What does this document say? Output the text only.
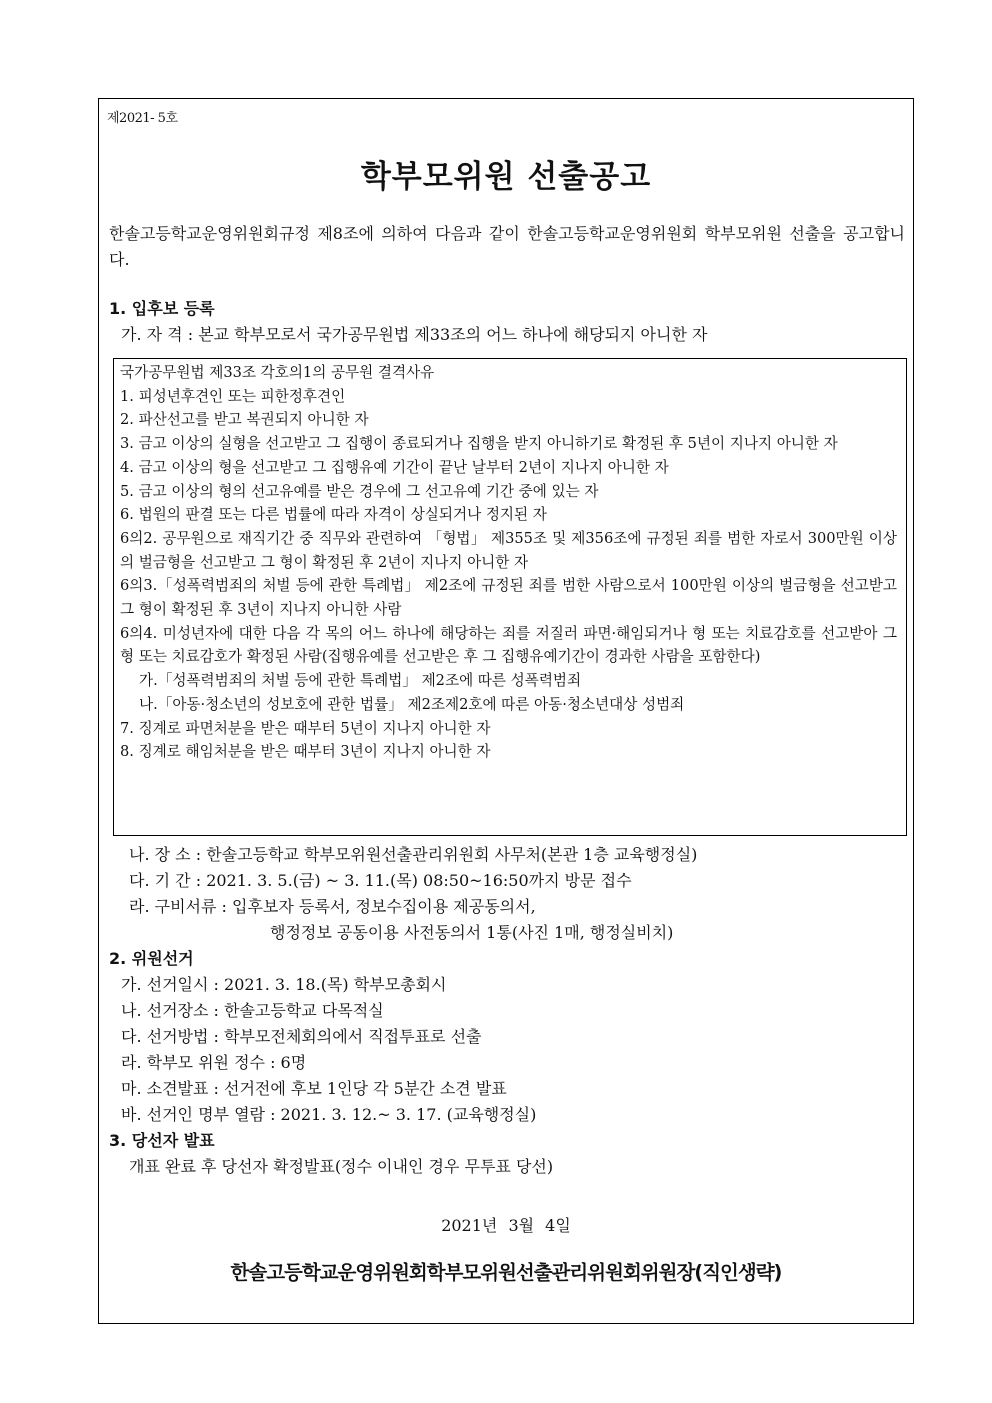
제2021- 5호
학부모위원 선출공고
한솔고등학교운영위원회규정 제8조에 의하여 다음과 같이 한솔고등학교운영위원회 학부모위원 선출을 공고합니다.
1. 입후보 등록
가. 자 격 : 본교 학부모로서 국가공무원법 제33조의 어느 하나에 해당되지 아니한 자
국가공무원법 제33조 각호의1의 공무원 결격사유
1. 피성년후견인 또는 피한정후견인
2. 파산선고를 받고 복권되지 아니한 자
3. 금고 이상의 실형을 선고받고 그 집행이 종료되거나 집행을 받지 아니하기로 확정된 후 5년이 지나지 아니한 자
4. 금고 이상의 형을 선고받고 그 집행유예 기간이 끝난 날부터 2년이 지나지 아니한 자
5. 금고 이상의 형의 선고유예를 받은 경우에 그 선고유예 기간 중에 있는 자
6. 법원의 판결 또는 다른 법률에 따라 자격이 상실되거나 정지된 자
6의2. 공무원으로 재직기간 중 직무와 관련하여 「형법」 제355조 및 제356조에 규정된 죄를 범한 자로서 300만원 이상의 벌금형을 선고받고 그 형이 확정된 후 2년이 지나지 아니한 자
6의3.「성폭력범죄의 처벌 등에 관한 특례법」 제2조에 규정된 죄를 범한 사람으로서 100만원 이상의 벌금형을 선고받고 그 형이 확정된 후 3년이 지나지 아니한 사람
6의4. 미성년자에 대한 다음 각 목의 어느 하나에 해당하는 죄를 저질러 파면·해임되거나 형 또는 치료감호를 선고받아 그 형 또는 치료감호가 확정된 사람(집행유예를 선고받은 후 그 집행유예기간이 경과한 사람을 포함한다)
가.「성폭력범죄의 처벌 등에 관한 특례법」 제2조에 따른 성폭력범죄
나.「아동·청소년의 성보호에 관한 법률」 제2조제2호에 따른 아동·청소년대상 성범죄
7. 징계로 파면처분을 받은 때부터 5년이 지나지 아니한 자
8. 징계로 해임처분을 받은 때부터 3년이 지나지 아니한 자
나. 장 소 : 한솔고등학교 학부모위원선출관리위원회 사무처(본관 1층 교육행정실)
다. 기 간 : 2021. 3. 5.(금) ~ 3. 11.(목) 08:50~16:50까지 방문 접수
라. 구비서류 : 입후보자 등록서, 정보수집이용 제공동의서,
행정정보 공동이용 사전동의서 1통(사진 1매, 행정실비치)
2. 위원선거
가. 선거일시 : 2021. 3. 18.(목) 학부모총회시
나. 선거장소 : 한솔고등학교 다목적실
다. 선거방법 : 학부모전체회의에서 직접투표로 선출
라. 학부모 위원 정수 : 6명
마. 소견발표 : 선거전에 후보 1인당 각 5분간 소견 발표
바. 선거인 명부 열람 : 2021. 3. 12.~ 3. 17. (교육행정실)
3. 당선자 발표
개표 완료 후 당선자 확정발표(정수 이내인 경우 무투표 당선)
2021년 3월 4일
한솔고등학교운영위원회학부모위원선출관리위원회위원장(직인생략)
